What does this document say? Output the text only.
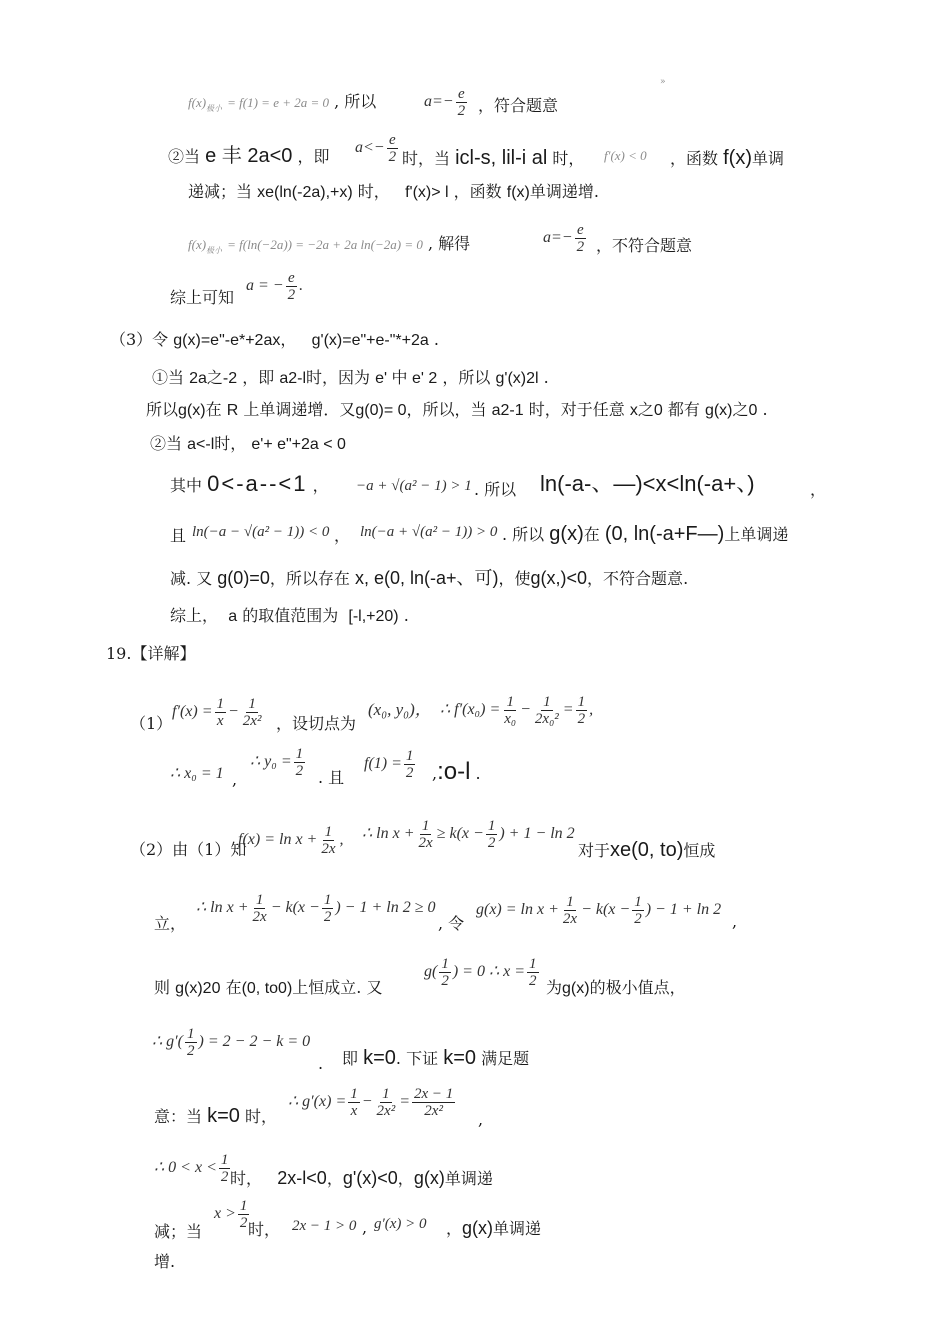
$f(x)_{极小} = f(1) = e + 2a = 0$ , 所以	$a=- \frac{e}{2}$ ，符合题意
»
②当 e 丰 2a<0 ，即 $a<- \frac{e}{2}$ 时，当 icl-s, lil-i al 时， f′(x) < 0 ，函数 f(x)单调
递减；当 xe(ln(-2a),+x) 时， f'(x)> l ，函数 f(x)单调递增.
$f(x)_{极小} = f(\ln(-2a)) = -2a + 2a$ ln(−2a) = 0 , 解得	$a=- \frac{e}{2}$ ，不符合题意
综上可知
a = − $\frac{e}{2}$ .
（3）令 g(x)=e"-e*+2ax， g'(x)=e"+e-"*+2a .
①当 2a之-2 ，即 a2-l时，因为 e' 中 e' 2 ，所以 g'(x)2l .
所以g(x)在 R 上单调递增．又g(0)= 0，所以，当 a2-1 时，对于任意 x之0 都有 g(x)之0 .
②当 a<-l时， e'+ e"+2a < 0
其中 0<-a--<1 ， −a + √(a² − 1) > 1 . 所以 ln(-a-、—)<x<ln(-a+、)	，
且 ln(−a − √(a² − 1)) < 0 ， ln(−a + √(a² − 1)) > 0 . 所以 g(x)在 (0, ln(-a+F—)上单调递
减. 又 g(0)=0，所以存在 x, e(0, ln(-a+、可)，使g(x,)<0，不符合题意.
综上， a 的取值范围为 [-l,+20) .
19.【详解】
（1）
$f'(x) = \frac{1}{x} - \frac{1}{\text{2x²}}$ ，设切点为
(x₀, y₀)， ∴ $f'(x_0) = \frac{1}{\text{x₀}} - \frac{1}{\text{2x₀²}} = \frac{1}{2}$ ,
∴ x₀ = 1 ,
∴ $y_0 = \frac{1}{2}$ . 且
$f(1) = \frac{1}{2}$ ,:o-l .
（2）由（1）知
$f(x) = \ln x + \frac{1}{2x}$ , ∴ $\ln x + \frac{1}{2x} \ge k(x - \frac{1}{2}$ ) + 1 − ln 2
对于xe(0, to)恒成
立，
∴ $\ln x + \frac{1}{2x} - k(x - \frac{1}{2}$ ) − 1 + ln 2 ≥ 0
, 令
$g(x) = \ln x + \frac{1}{2x} - k(x - \frac{1}{2}$ ) − 1 + ln 2
,
则 g(x)20 在(0, to0)上恒成立. 又
$g( \frac{1}{2}$ ) = 0 ∴ $x = \frac{1}{2}$ 为g(x)的极小值点，
∴ $g'( \frac{1}{2}$ ) = 2 − 2 − k = 0
. 即 k=0. 下证 k=0 满足题
意：当 k=0 时，
∴ $g'(x) = \frac{1}{x} - \frac{1}{\text{2x²}} = \frac{2x - 1}{\text{2x²}}$
,
∴ $0 < x < \frac{1}{2}$ 时， 2x-l<0，g'(x)<0，g(x)单调递
减；当
$x > \frac{1}{2}$
时， 2x − 1 > 0 , g′(x) > 0 ，g(x)单调递
增.
